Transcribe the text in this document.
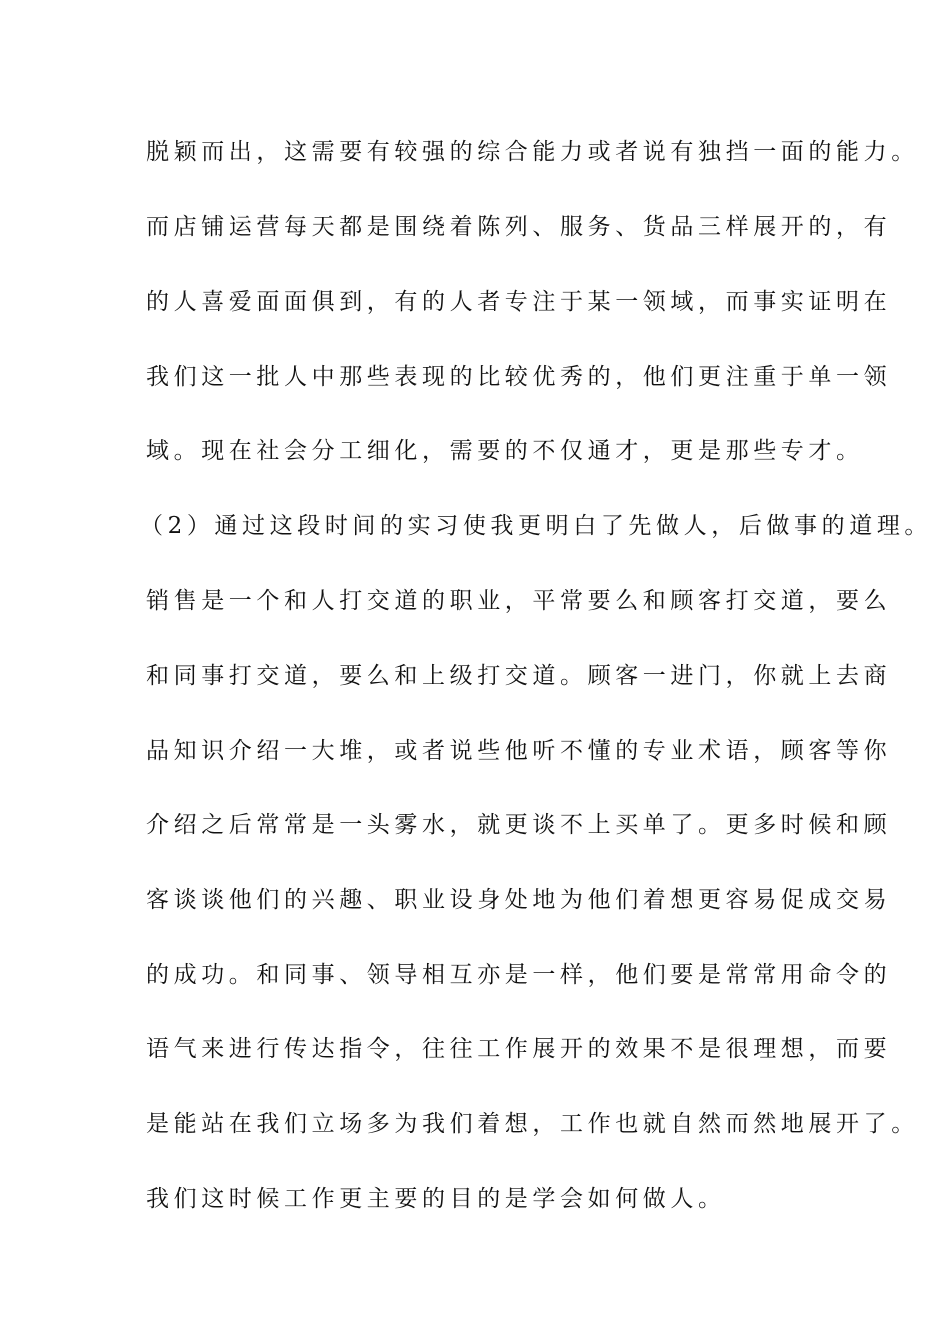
脱颖而出，这需要有较强的综合能力或者说有独挡一面的能力。
而店铺运营每天都是围绕着陈列、服务、货品三样展开的，有
的人喜爱面面俱到，有的人者专注于某一领域，而事实证明在
我们这一批人中那些表现的比较优秀的，他们更注重于单一领
域。现在社会分工细化，需要的不仅通才，更是那些专才。
（2）通过这段时间的实习使我更明白了先做人，后做事的道理。
销售是一个和人打交道的职业，平常要么和顾客打交道，要么
和同事打交道，要么和上级打交道。顾客一进门，你就上去商
品知识介绍一大堆，或者说些他听不懂的专业术语，顾客等你
介绍之后常常是一头雾水，就更谈不上买单了。更多时候和顾
客谈谈他们的兴趣、职业设身处地为他们着想更容易促成交易
的成功。和同事、领导相互亦是一样，他们要是常常用命令的
语气来进行传达指令，往往工作展开的效果不是很理想，而要
是能站在我们立场多为我们着想，工作也就自然而然地展开了。
我们这时候工作更主要的目的是学会如何做人。
